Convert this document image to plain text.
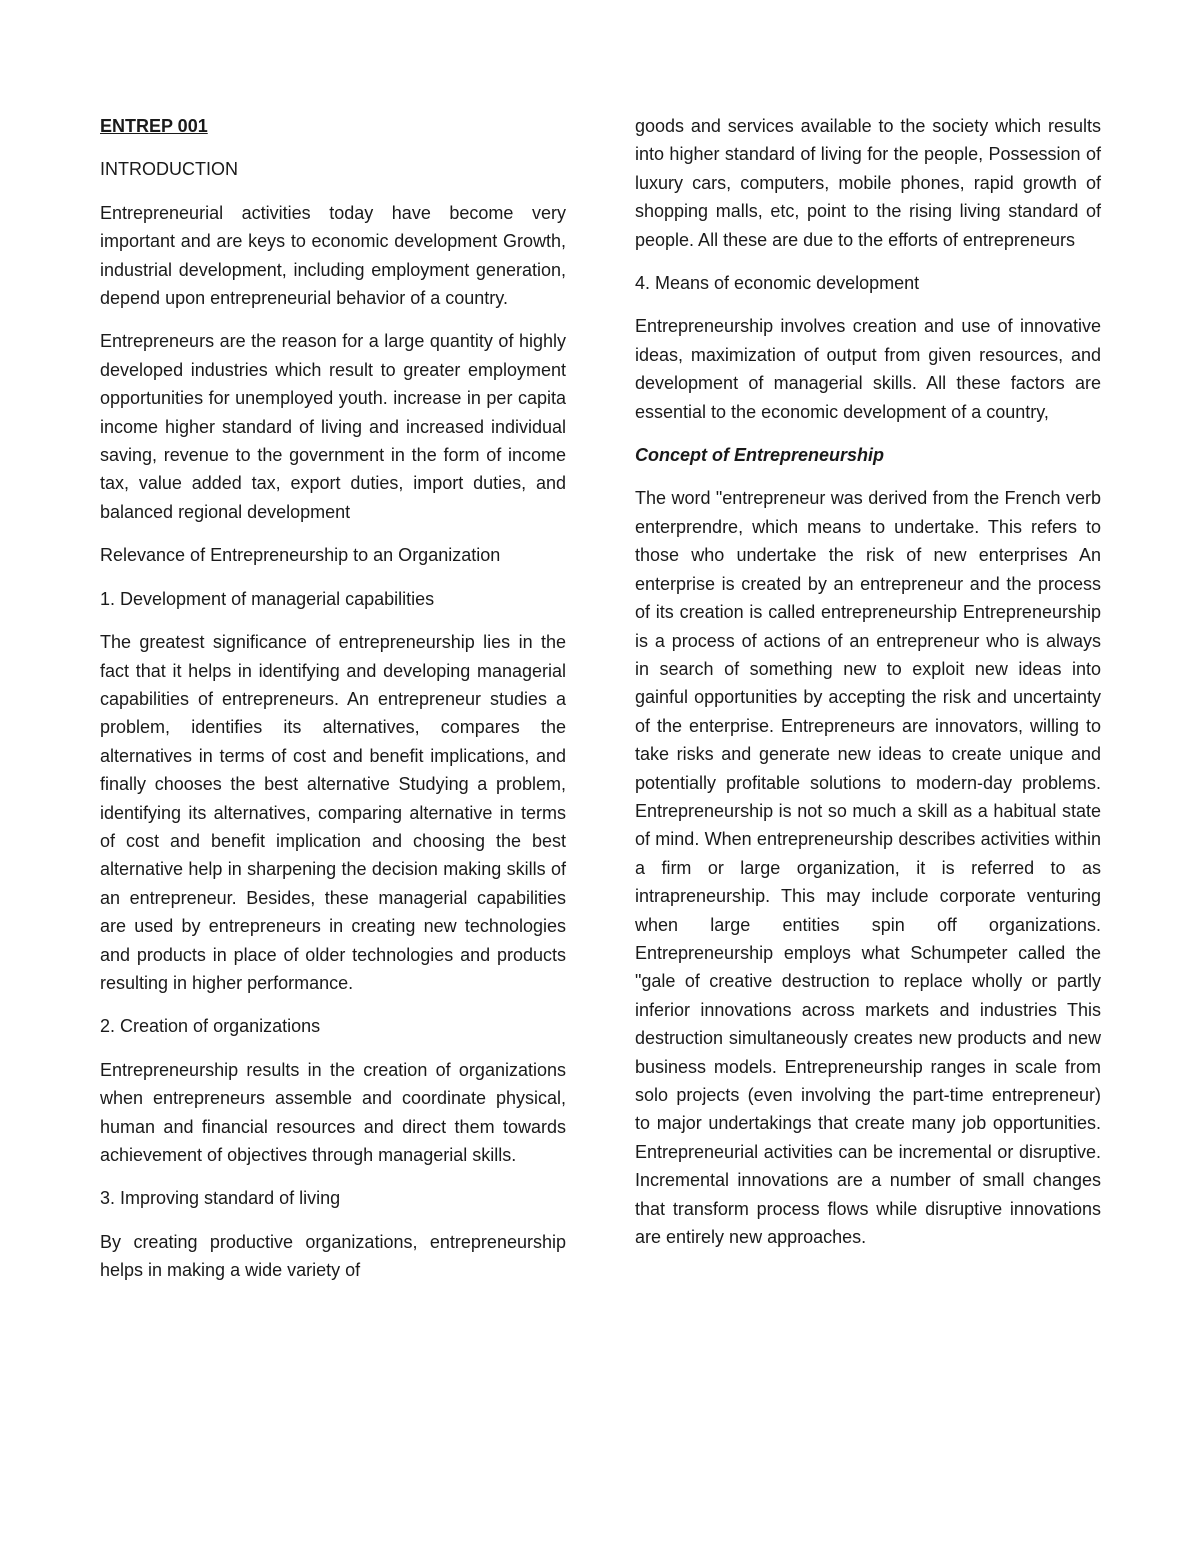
ENTREP 001

INTRODUCTION

Entrepreneurial activities today have become very important and are keys to economic development Growth, industrial development, including employment generation, depend upon entrepreneurial behavior of a country.

Entrepreneurs are the reason for a large quantity of highly developed industries which result to greater employment opportunities for unemployed youth. increase in per capita income higher standard of living and increased individual saving, revenue to the government in the form of income tax, value added tax, export duties, import duties, and balanced regional development

Relevance of Entrepreneurship to an Organization

1. Development of managerial capabilities

The greatest significance of entrepreneurship lies in the fact that it helps in identifying and developing managerial capabilities of entrepreneurs. An entrepreneur studies a problem, identifies its alternatives, compares the alternatives in terms of cost and benefit implications, and finally chooses the best alternative Studying a problem, identifying its alternatives, comparing alternative in terms of cost and benefit implication and choosing the best alternative help in sharpening the decision making skills of an entrepreneur. Besides, these managerial capabilities are used by entrepreneurs in creating new technologies and products in place of older technologies and products resulting in higher performance.

2. Creation of organizations

Entrepreneurship results in the creation of organizations when entrepreneurs assemble and coordinate physical, human and financial resources and direct them towards achievement of objectives through managerial skills.

3. Improving standard of living

By creating productive organizations, entrepreneurship helps in making a wide variety of

goods and services available to the society which results into higher standard of living for the people, Possession of luxury cars, computers, mobile phones, rapid growth of shopping malls, etc, point to the rising living standard of people. All these are due to the efforts of entrepreneurs

4. Means of economic development

Entrepreneurship involves creation and use of innovative ideas, maximization of output from given resources, and development of managerial skills. All these factors are essential to the economic development of a country,

Concept of Entrepreneurship

The word "entrepreneur was derived from the French verb enterprendre, which means to undertake. This refers to those who undertake the risk of new enterprises An enterprise is created by an entrepreneur and the process of its creation is called entrepreneurship Entrepreneurship is a process of actions of an entrepreneur who is always in search of something new to exploit new ideas into gainful opportunities by accepting the risk and uncertainty of the enterprise. Entrepreneurs are innovators, willing to take risks and generate new ideas to create unique and potentially profitable solutions to modern-day problems. Entrepreneurship is not so much a skill as a habitual state of mind. When entrepreneurship describes activities within a firm or large organization, it is referred to as intrapreneurship. This may include corporate venturing when large entities spin off organizations. Entrepreneurship employs what Schumpeter called the "gale of creative destruction to replace wholly or partly inferior innovations across markets and industries This destruction simultaneously creates new products and new business models. Entrepreneurship ranges in scale from solo projects (even involving the part-time entrepreneur) to major undertakings that create many job opportunities. Entrepreneurial activities can be incremental or disruptive. Incremental innovations are a number of small changes that transform process flows while disruptive innovations are entirely new approaches.
